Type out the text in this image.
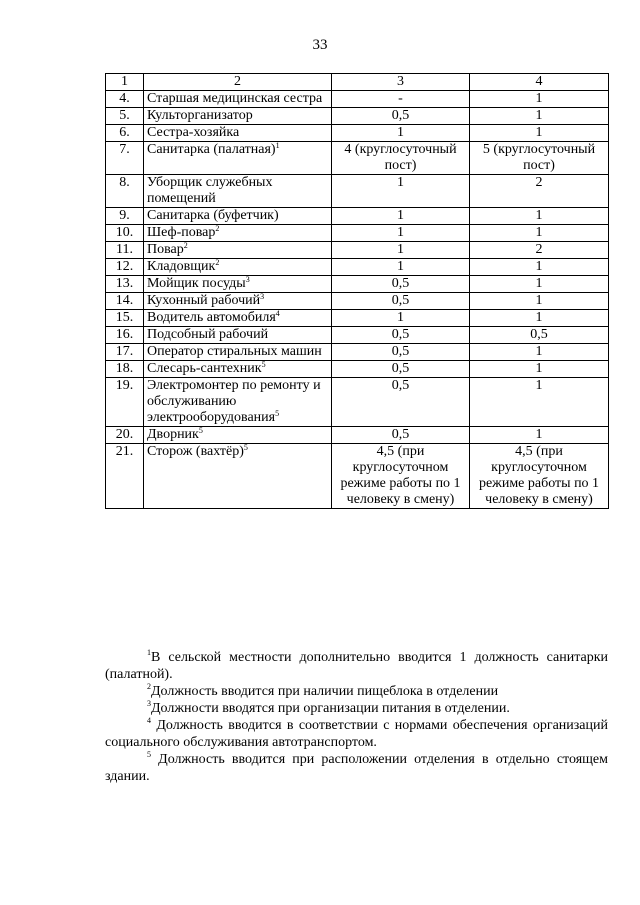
33
1	2	3	4
4.	Старшая медицинская сестра	-	1
5.	Культорганизатор	0,5	1
6.	Сестра-хозяйка	1	1
7.	Санитарка (палатная)$^1$	4 (круглосуточный пост)	5 (круглосуточный пост)
8.	Уборщик служебных помещений	1	2
9.	Санитарка (буфетчик)	1	1
10.	Шеф-повар$^2$	1	1
11.	Повар$^2$	1	2
12.	Кладовщик$^2$	1	1
13.	Мойщик посуды$^3$	0,5	1
14.	Кухонный рабочий$^3$	0,5	1
15.	Водитель автомобиля$^4$	1	1
16.	Подсобный рабочий	0,5	0,5
17.	Оператор стиральных машин	0,5	1
18.	Слесарь-сантехник$^5$	0,5	1
19.	Электромонтер по ремонту и обслуживанию электрооборудования$^5$	0,5	1
20.	Дворник$^5$	0,5	1
21.	Сторож (вахтёр)$^5$	4,5 (при круглосуточном режиме работы по 1 человеку в смену)	4,5 (при круглосуточном режиме работы по 1 человеку в смену)

$^1$В сельской местности дополнительно вводится 1 должность санитарки (палатной).

$^2$Должность вводится при наличии пищеблока в отделении

$^3$Должности вводятся при организации питания в отделении.

$^4$ Должность вводится в соответствии с нормами обеспечения организаций социального обслуживания автотранспортом.

$^5$ Должность вводится при расположении отделения в отдельно стоящем здании.
